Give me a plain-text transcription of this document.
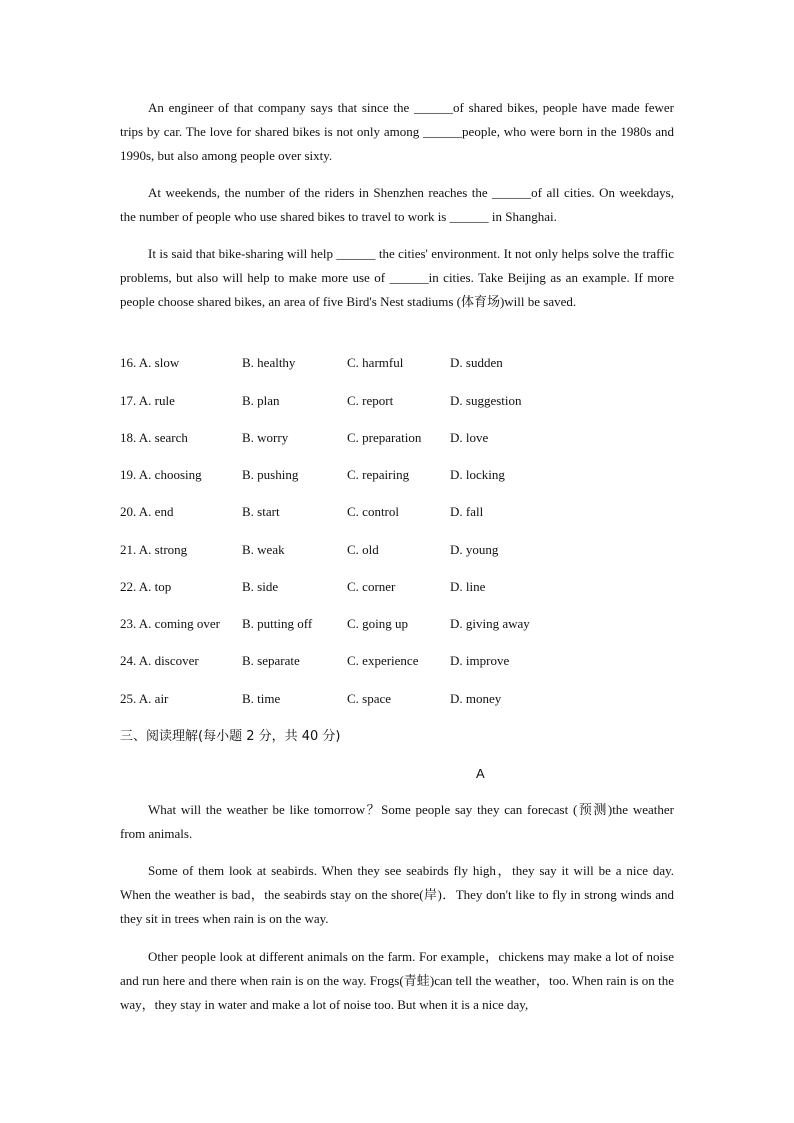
An engineer of that company says that since the ______of shared bikes, people have made fewer trips by car. The love for shared bikes is not only among ______people, who were born in the 1980s and 1990s, but also among people over sixty.

At weekends, the number of the riders in Shenzhen reaches the ______of all cities. On weekdays, the number of people who use shared bikes to travel to work is ______ in Shanghai.

It is said that bike-sharing will help ______ the cities' environment. It not only helps solve the traffic problems, but also will help to make more use of ______in cities. Take Beijing as an example. If more people choose shared bikes, an area of five Bird's Nest stadiums (体育场)will be saved.

16. A. slow	B. healthy	C. harmful	D. sudden
17. A. rule	B. plan	C. report	D. suggestion
18. A. search	B. worry	C. preparation D. love
19. A. choosing	B. pushing	C. repairing	D. locking
20. A. end	B. start	C. control	D. fall
21. A. strong	B. weak	C. old	D. young
22. A. top	B. side	C. corner	D. line
23. A. coming over B. putting off	C. going up	D. giving away
24. A. discover	B. separate	C. experience D. improve
25. A. air	B. time	C. space	D. money

三、阅读理解(每小题 2 分，共 40 分)

A

What will the weather be like tomorrow？Some people say they can forecast (预测)the weather from animals.

Some of them look at seabirds. When they see seabirds fly high，they say it will be a nice day. When the weather is bad，the seabirds stay on the shore(岸)．They don't like to fly in strong winds and they sit in trees when rain is on the way.

Other people look at different animals on the farm. For example，chickens may make a lot of noise and run here and there when rain is on the way. Frogs(青蛙)can tell the weather，too. When rain is on the way，they stay in water and make a lot of noise too. But when it is a nice day,
